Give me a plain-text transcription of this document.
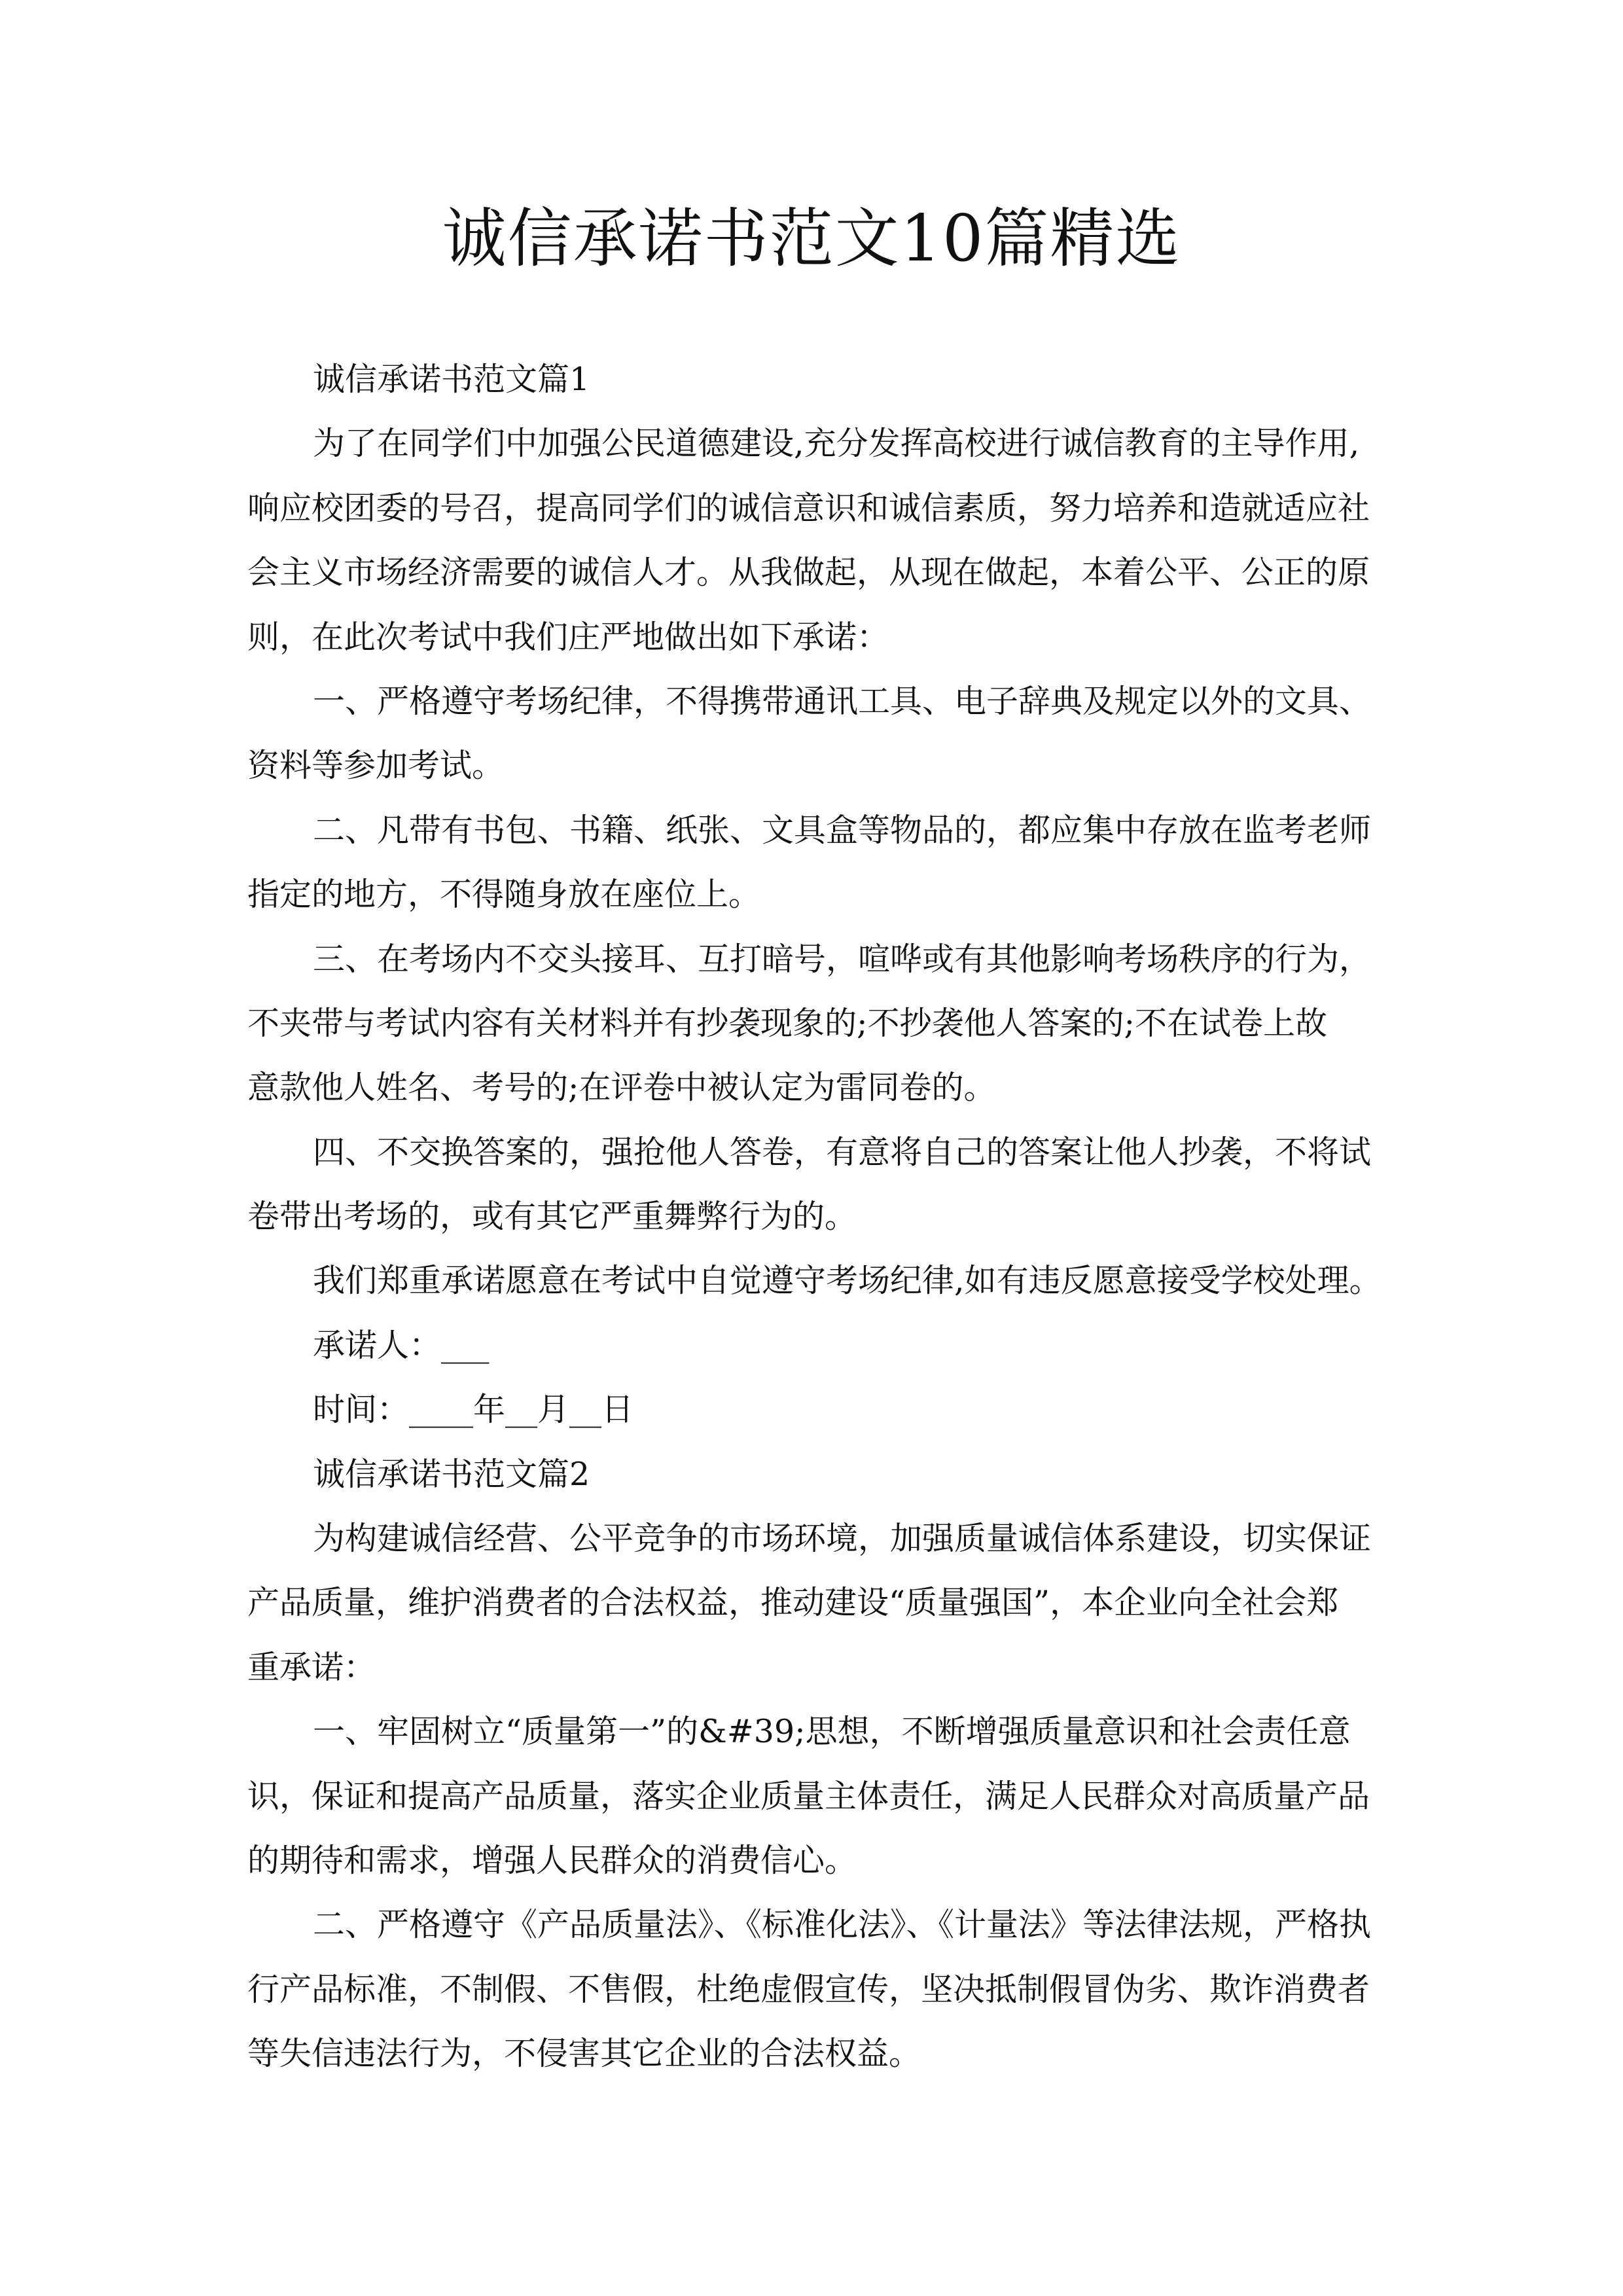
诚信承诺书范文10篇精选
诚信承诺书范文篇1
为了在同学们中加强公民道德建设,充分发挥高校进行诚信教育的主导作用,
响应校团委的号召，提高同学们的诚信意识和诚信素质，努力培养和造就适应社
会主义市场经济需要的诚信人才。从我做起，从现在做起，本着公平、公正的原
则，在此次考试中我们庄严地做出如下承诺：
一、严格遵守考场纪律，不得携带通讯工具、电子辞典及规定以外的文具、
资料等参加考试。
二、凡带有书包、书籍、纸张、文具盒等物品的，都应集中存放在监考老师
指定的地方，不得随身放在座位上。
三、在考场内不交头接耳、互打暗号，喧哗或有其他影响考场秩序的行为，
不夹带与考试内容有关材料并有抄袭现象的;不抄袭他人答案的;不在试卷上故
意款他人姓名、考号的;在评卷中被认定为雷同卷的。
四、不交换答案的，强抢他人答卷，有意将自己的答案让他人抄袭，不将试
卷带出考场的，或有其它严重舞弊行为的。
我们郑重承诺愿意在考试中自觉遵守考场纪律,如有违反愿意接受学校处理。
承诺人：___
时间：____年__月__日
诚信承诺书范文篇2
为构建诚信经营、公平竞争的市场环境，加强质量诚信体系建设，切实保证
产品质量，维护消费者的合法权益，推动建设“质量强国”，本企业向全社会郑
重承诺：
一、牢固树立“质量第一”的&#39;思想，不断增强质量意识和社会责任意
识，保证和提高产品质量，落实企业质量主体责任，满足人民群众对高质量产品
的期待和需求，增强人民群众的消费信心。
二、严格遵守《产品质量法》、《标准化法》、《计量法》等法律法规，严格执
行产品标准，不制假、不售假，杜绝虚假宣传，坚决抵制假冒伪劣、欺诈消费者
等失信违法行为，不侵害其它企业的合法权益。
